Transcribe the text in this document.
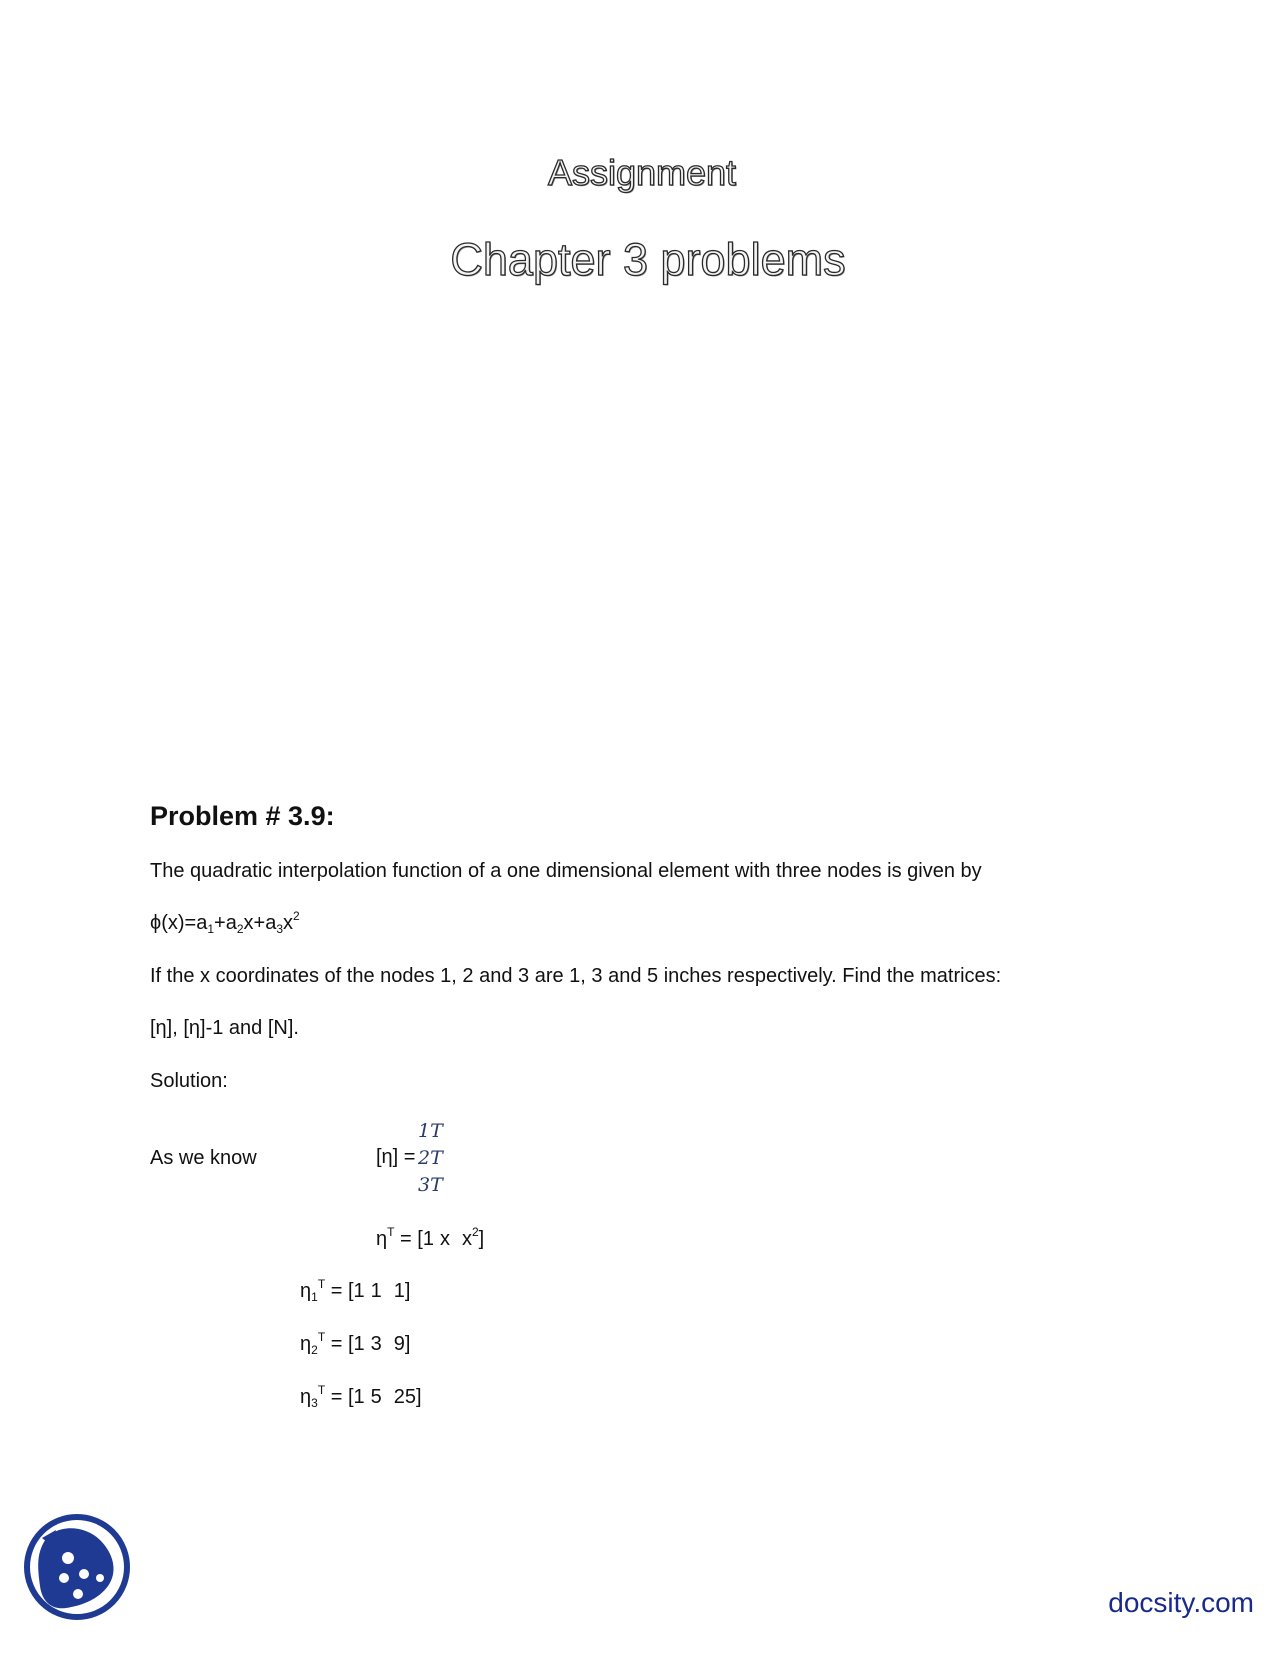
Assignment
Chapter 3 problems
Problem # 3.9:
The quadratic interpolation function of a one dimensional element with three nodes is given by
$\phi(x)=a_1+a_2x+a_3x^2$
If the x coordinates of the nodes 1, 2 and 3 are 1, 3 and 5 inches respectively. Find the matrices:
[η], [η]-1 and [N].
Solution:
As we know
1T
[η] = 2T
3T
$\eta^T = [1$ x $x^2$]
$\eta_1^T = [1$ 1 1]
$\eta_2^T = [1$ 3 9]
$\eta_3^T = [1$ 5 25]
docsity.com
